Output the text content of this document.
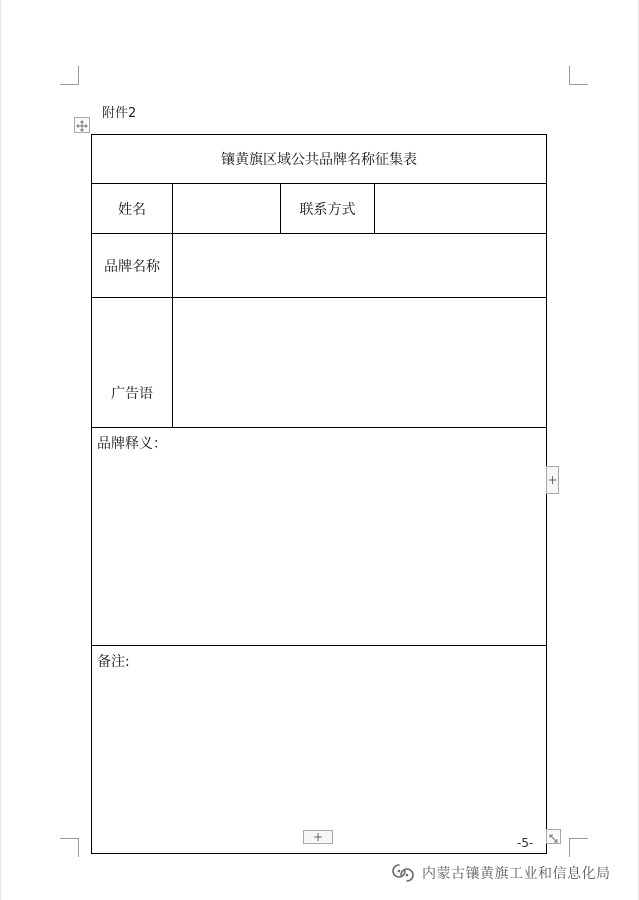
附件2
镶黄旗区域公共品牌名称征集表			
姓名		联系方式	
品牌名称			
广告语			
品牌释义：			
备注:			
+
+	-5-
内蒙古镶黄旗工业和信息化局
